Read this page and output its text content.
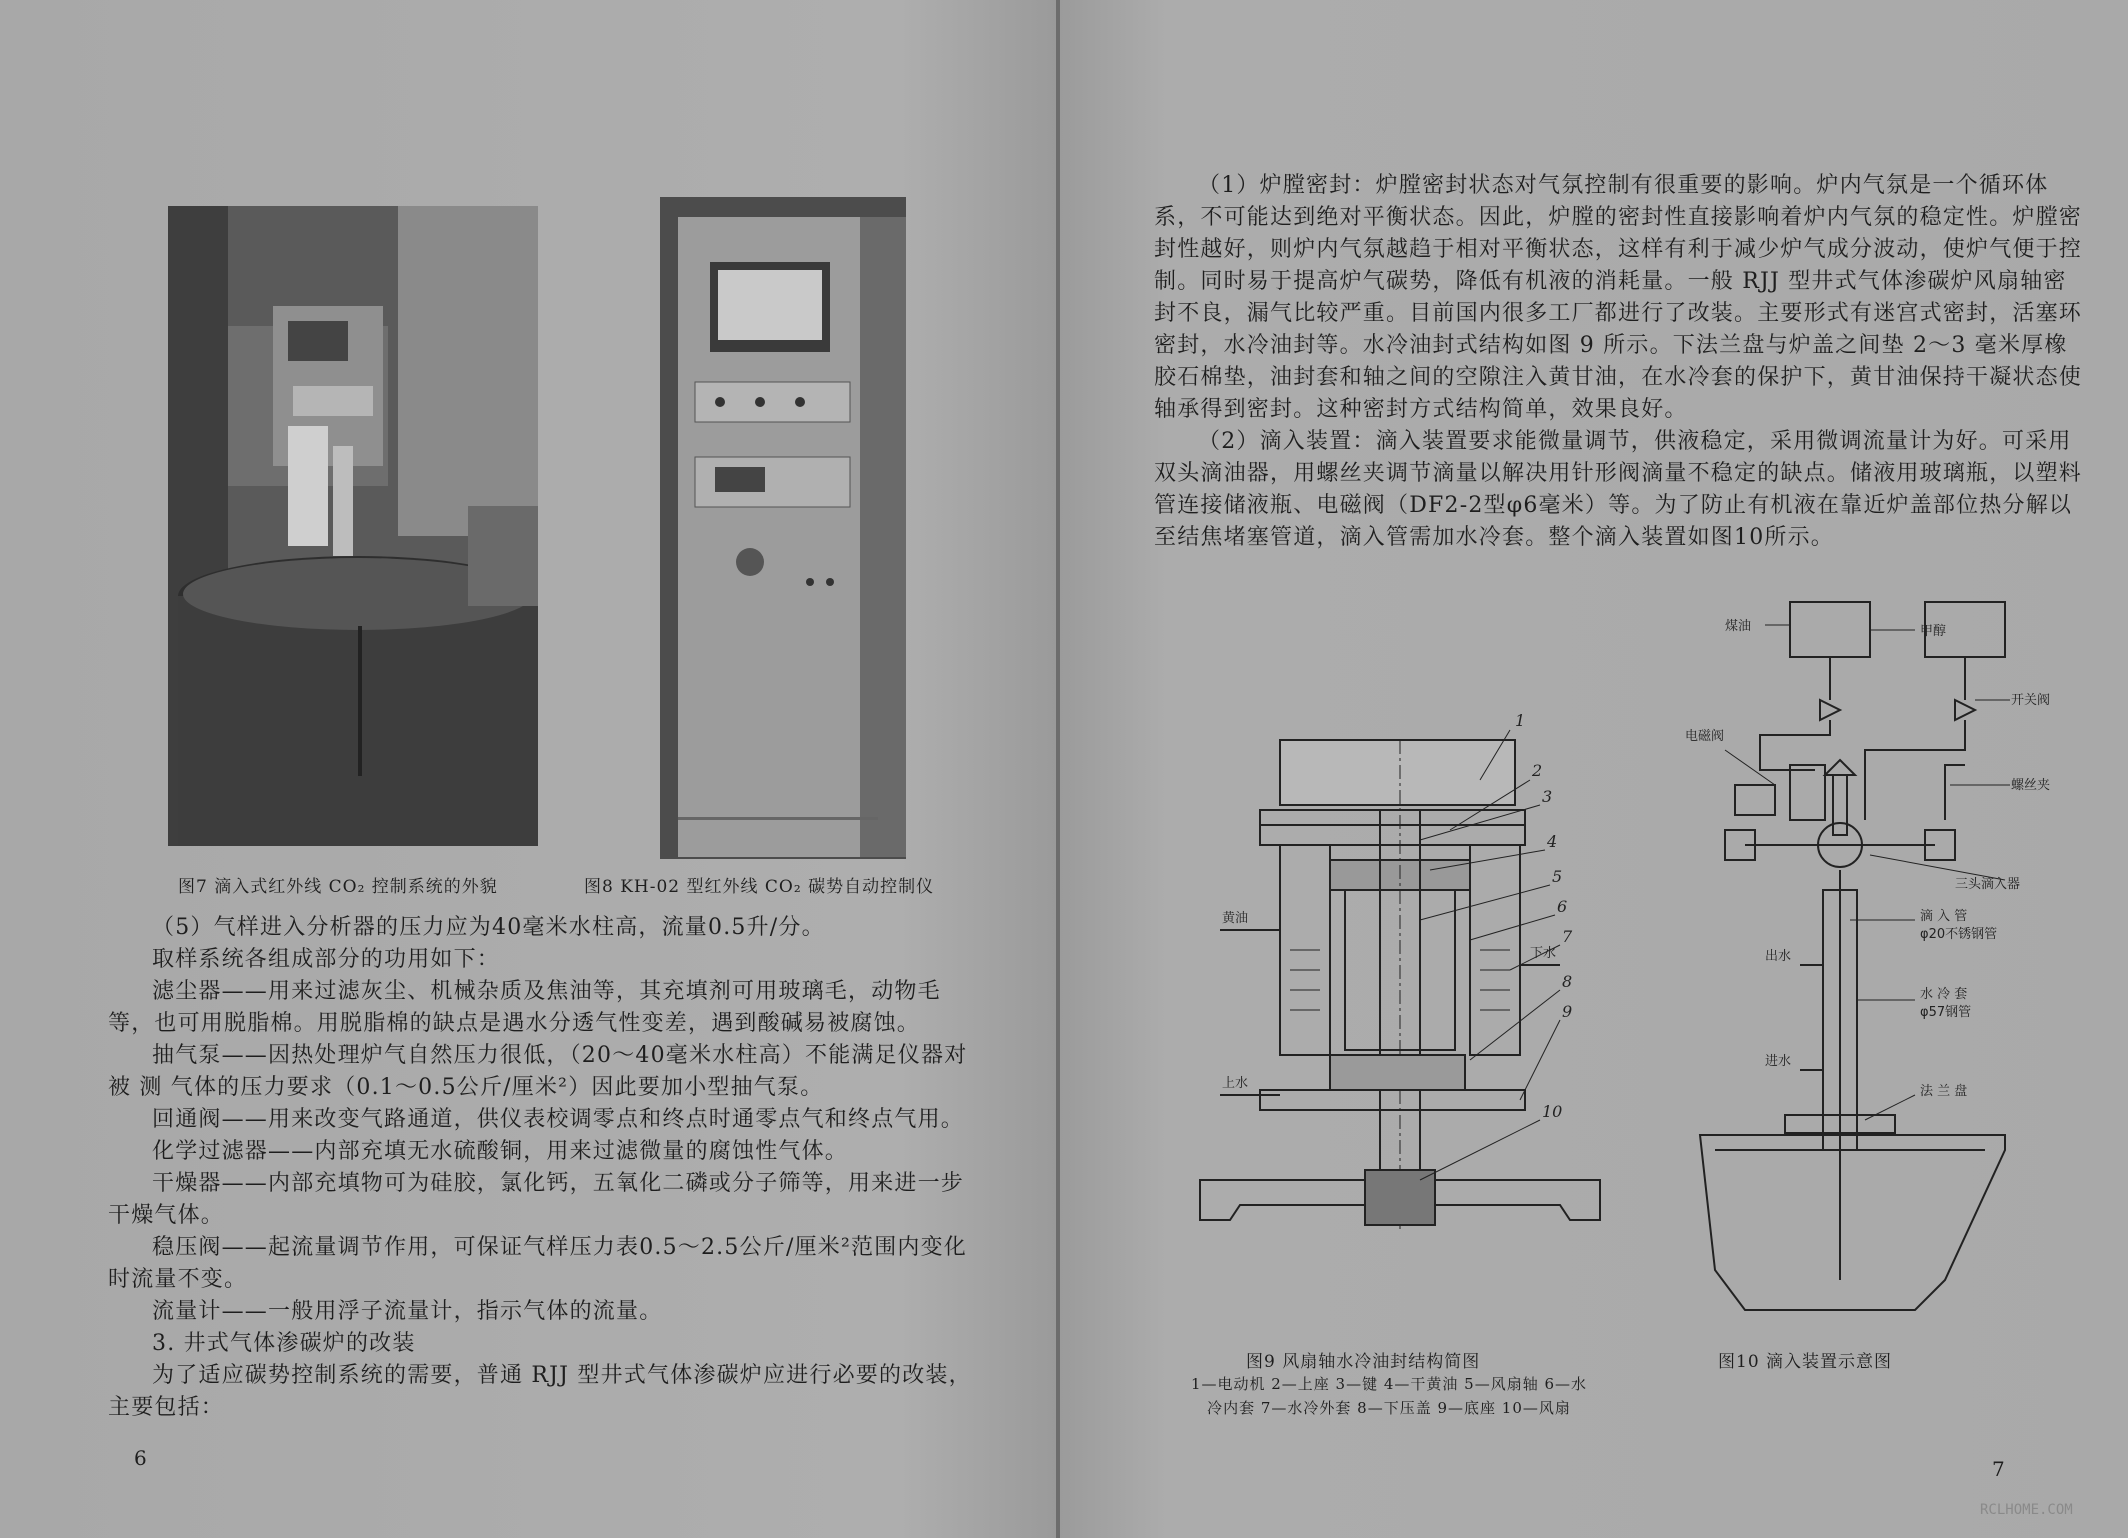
图7 滴入式红外线 CO₂ 控制系统的外貌	图8 KH-02 型红外线 CO₂ 碳势自动控制仪

（5）气样进入分析器的压力应为40毫米水柱高，流量0.5升/分。

取样系统各组成部分的功用如下：

滤尘器——用来过滤灰尘、机械杂质及焦油等，其充填剂可用玻璃毛，动物毛等，也可用脱脂棉。用脱脂棉的缺点是遇水分透气性变差，遇到酸碱易被腐蚀。

抽气泵——因热处理炉气自然压力很低，（20～40毫米水柱高）不能满足仪器对被 测 气体的压力要求（0.1～0.5公斤/厘米²）因此要加小型抽气泵。

回通阀——用来改变气路通道，供仪表校调零点和终点时通零点气和终点气用。

化学过滤器——内部充填无水硫酸铜，用来过滤微量的腐蚀性气体。

干燥器——内部充填物可为硅胶，氯化钙，五氧化二磷或分子筛等，用来进一步干燥气体。

稳压阀——起流量调节作用，可保证气样压力表0.5～2.5公斤/厘米²范围内变化时流量不变。

流量计——一般用浮子流量计，指示气体的流量。

3. 井式气体渗碳炉的改装

为了适应碳势控制系统的需要，普通 RJJ 型井式气体渗碳炉应进行必要的改装，主要包括：

6

（1）炉膛密封：炉膛密封状态对气氛控制有很重要的影响。炉内气氛是一个循环体系，不可能达到绝对平衡状态。因此，炉膛的密封性直接影响着炉内气氛的稳定性。炉膛密封性越好，则炉内气氛越趋于相对平衡状态，这样有利于减少炉气成分波动，使炉气便于控制。同时易于提高炉气碳势，降低有机液的消耗量。一般 RJJ 型井式气体渗碳炉风扇轴密封不良，漏气比较严重。目前国内很多工厂都进行了改装。主要形式有迷宫式密封，活塞环密封，水冷油封等。水冷油封式结构如图 9 所示。下法兰盘与炉盖之间垫 2～3 毫米厚橡胶石棉垫，油封套和轴之间的空隙注入黄甘油，在水冷套的保护下，黄甘油保持干凝状态使轴承得到密封。这种密封方式结构简单，效果良好。

（2）滴入装置：滴入装置要求能微量调节，供液稳定，采用微调流量计为好。可采用双头滴油器，用螺丝夹调节滴量以解决用针形阀滴量不稳定的缺点。储液用玻璃瓶，以塑料管连接储液瓶、电磁阀（DF2-2型φ6毫米）等。为了防止有机液在靠近炉盖部位热分解以至结焦堵塞管道，滴入管需加水冷套。整个滴入装置如图10所示。

1
2
3
4
5
6
7
8
9
10
黄油
下水
上水
图9 风扇轴水冷油封结构简图
1—电动机 2—上座 3—键 4—干黄油 5—风扇轴 6—水冷内套 7—水冷外套 8—下压盖 9—底座 10—风扇
煤油	甲醇
电磁阀
开关阀
螺丝夹
三头滴入器
滴 入 管
φ20不锈钢管
水 冷 套
φ57钢管
出水
进水
法 兰 盘
图10 滴入装置示意图
7
RCLHOME.COM
